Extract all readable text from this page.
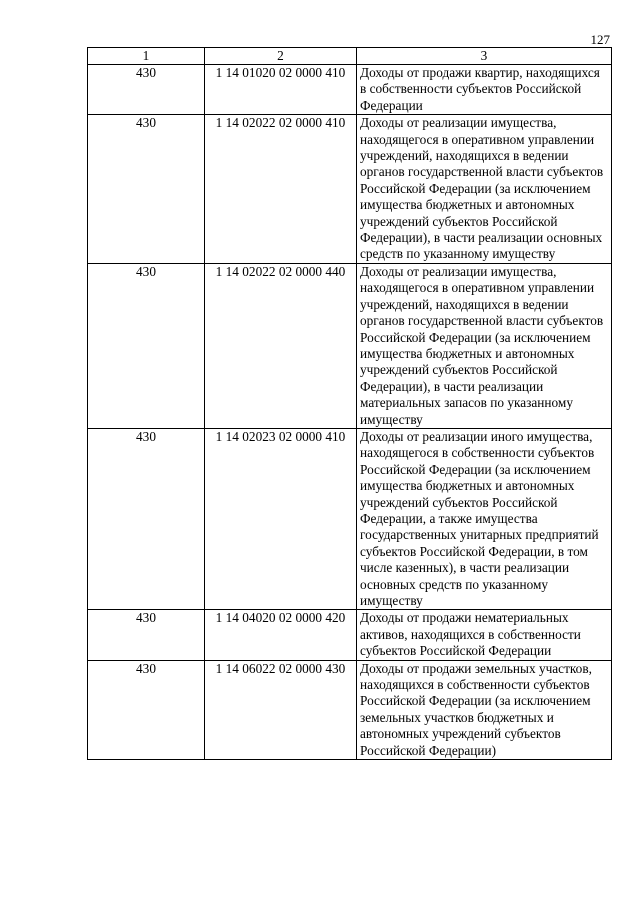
127
1	2	3
430	1 14 01020 02 0000 410	Доходы от продажи квартир, находящихся в собственности субъектов Российской Федерации
430	1 14 02022 02 0000 410	Доходы от реализации имущества, находящегося в оперативном управлении учреждений, находящихся в ведении органов государственной власти субъектов Российской Федерации (за исключением имущества бюджетных и автономных учреждений субъектов Российской Федерации), в части реализации основных средств по указанному имуществу
430	1 14 02022 02 0000 440	Доходы от реализации имущества, находящегося в оперативном управлении учреждений, находящихся в ведении органов государственной власти субъектов Российской Федерации (за исключением имущества бюджетных и автономных учреждений субъектов Российской Федерации), в части реализации материальных запасов по указанному имуществу
430	1 14 02023 02 0000 410	Доходы от реализации иного имущества, находящегося в собственности субъектов Российской Федерации (за исключением имущества бюджетных и автономных учреждений субъектов Российской Федерации, а также имущества государственных унитарных предприятий субъектов Российской Федерации, в том числе казенных), в части реализации основных средств по указанному имуществу
430	1 14 04020 02 0000 420	Доходы от продажи нематериальных активов, находящихся в собственности субъектов Российской Федерации
430	1 14 06022 02 0000 430	Доходы от продажи земельных участков, находящихся в собственности субъектов Российской Федерации (за исключением земельных участков бюджетных и автономных учреждений субъектов Российской Федерации)
